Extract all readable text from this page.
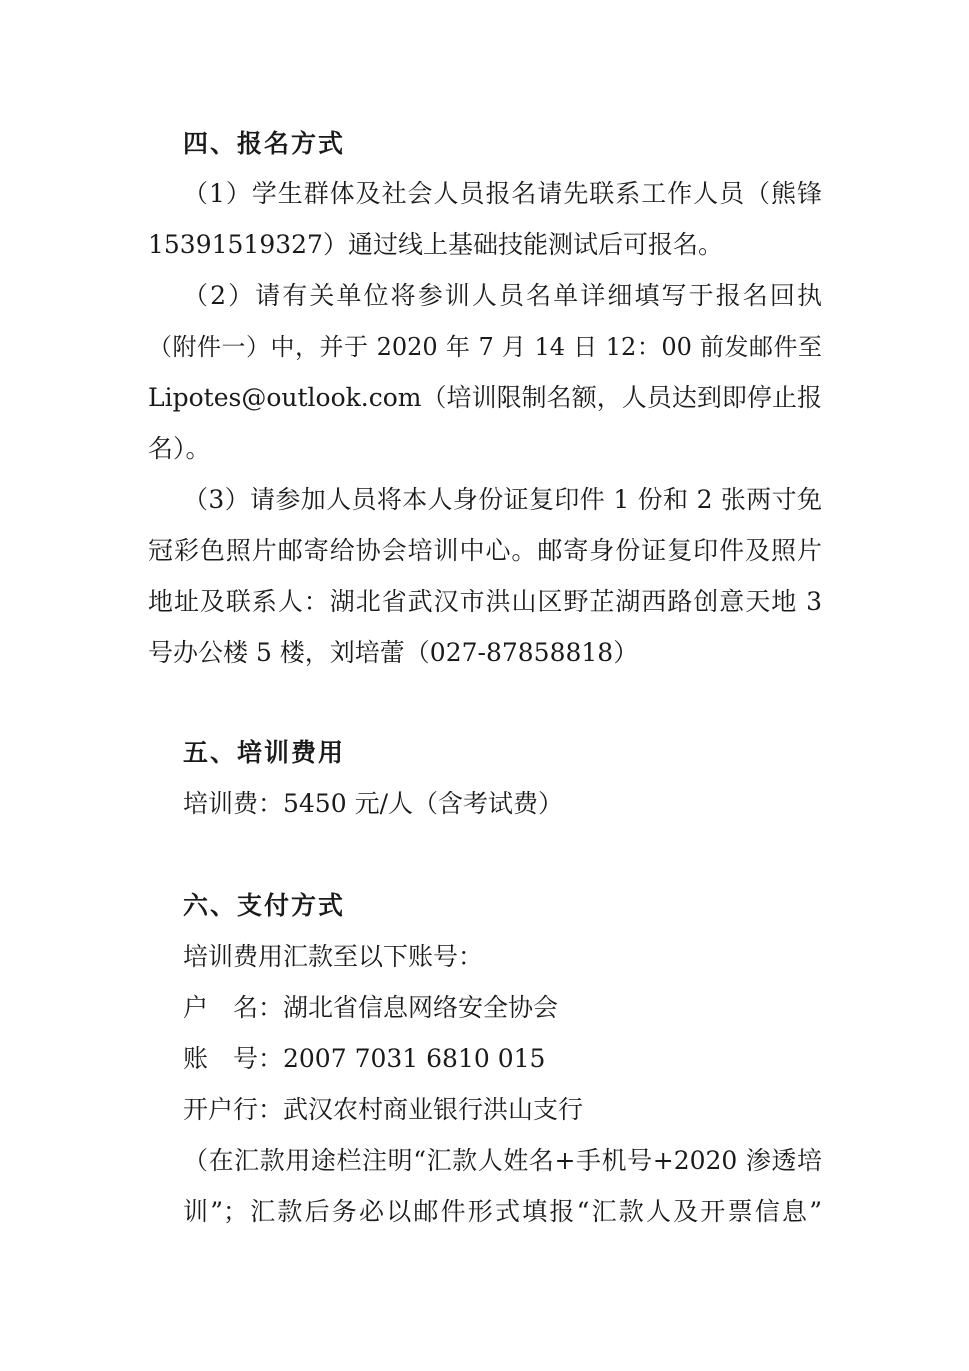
四、报名方式
（1）学生群体及社会人员报名请先联系工作人员（熊锋
15391519327）通过线上基础技能测试后可报名。
（2）请有关单位将参训人员名单详细填写于报名回执
（附件一）中，并于 2020 年 7 月 14 日 12：00 前发邮件至
Lipotes@outlook.com（培训限制名额，人员达到即停止报
名）。
（3）请参加人员将本人身份证复印件 1 份和 2 张两寸免
冠彩色照片邮寄给协会培训中心。邮寄身份证复印件及照片
地址及联系人：湖北省武汉市洪山区野芷湖西路创意天地 3
号办公楼 5 楼，刘培蕾（027-87858818）
五、培训费用
培训费：5450 元/人（含考试费）
六、支付方式
培训费用汇款至以下账号：
户　名：湖北省信息网络安全协会
账　号：2007 7031 6810 015
开户行：武汉农村商业银行洪山支行
（在汇款用途栏注明“汇款人姓名+手机号+2020 渗透培
训”；汇款后务必以邮件形式填报“汇款人及开票信息”
